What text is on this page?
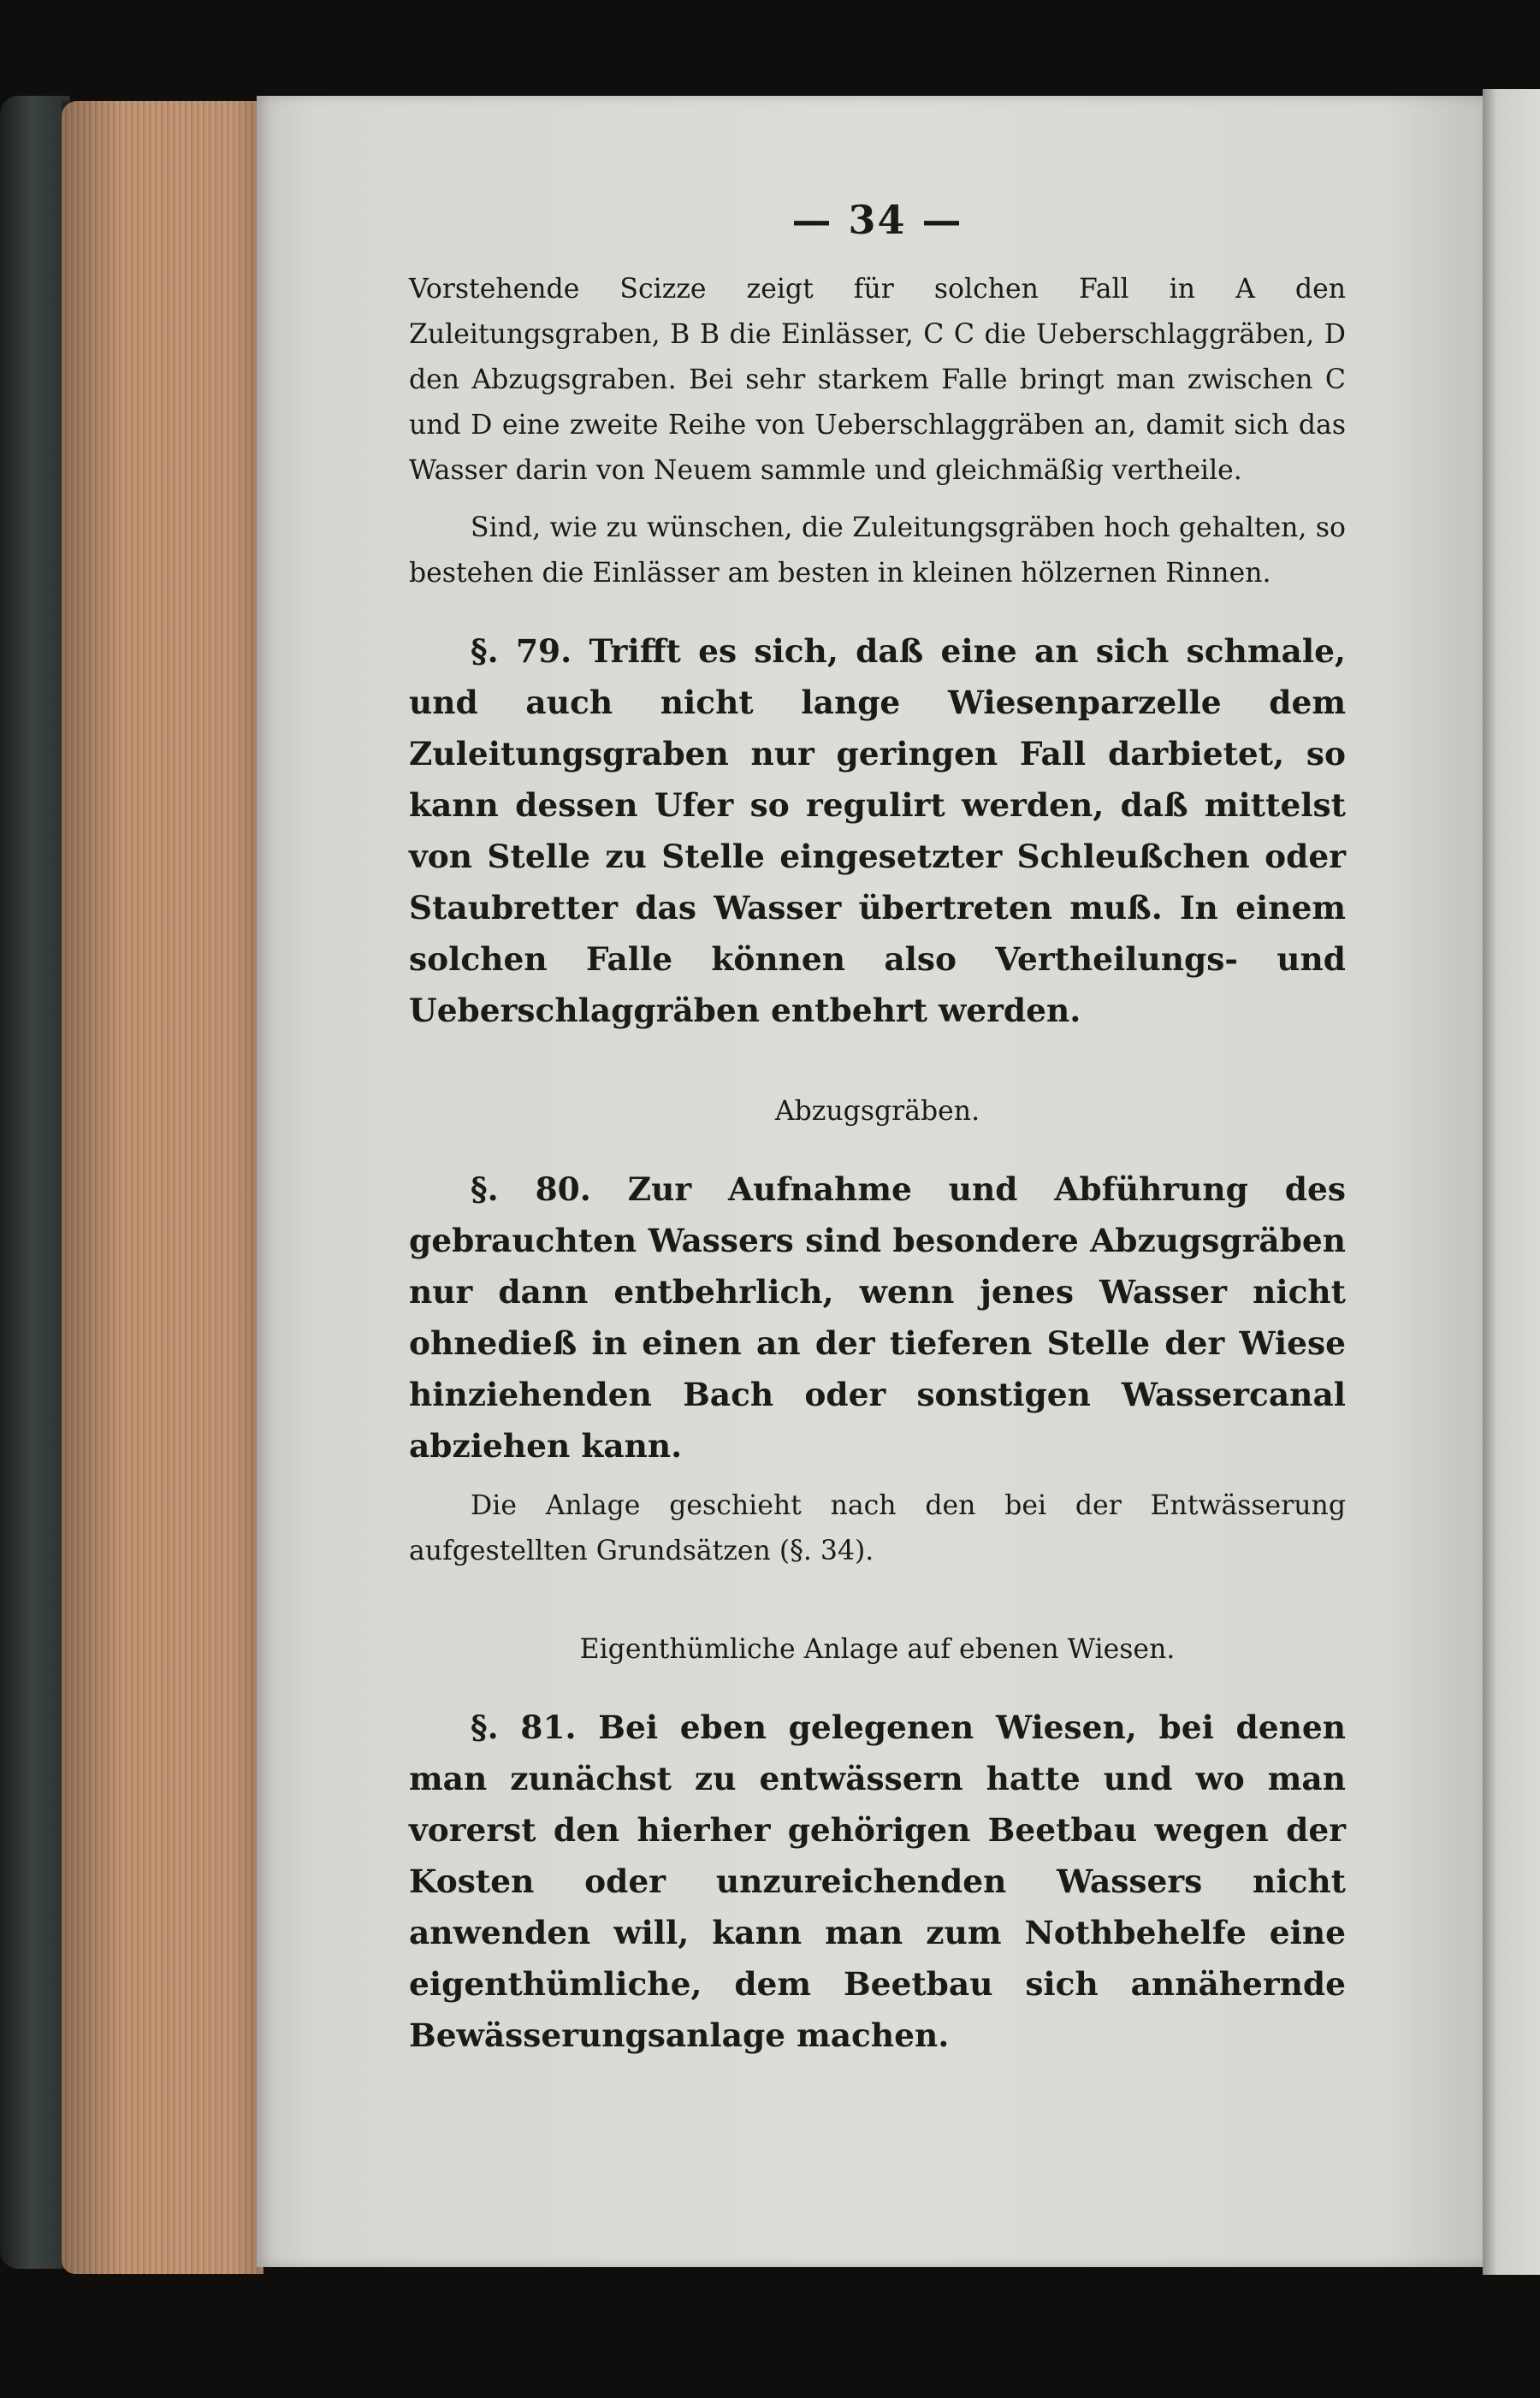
— 34 —

Vorstehende Scizze zeigt für solchen Fall in A den Zuleitungsgraben, B B die Einlässer, C C die Ueberschlaggräben, D den Abzugsgraben. Bei sehr starkem Falle bringt man zwischen C und D eine zweite Reihe von Ueberschlaggräben an, damit sich das Wasser darin von Neuem sammle und gleichmäßig vertheile.

Sind, wie zu wünschen, die Zuleitungsgräben hoch gehalten, so bestehen die Einlässer am besten in kleinen hölzernen Rinnen.

§. 79. Trifft es sich, daß eine an sich schmale, und auch nicht lange Wiesenparzelle dem Zuleitungsgraben nur geringen Fall darbietet, so kann dessen Ufer so regulirt werden, daß mittelst von Stelle zu Stelle eingesetzter Schleußchen oder Staubretter das Wasser übertreten muß. In einem solchen Falle können also Vertheilungs- und Ueberschlaggräben entbehrt werden.

Abzugsgräben.

§. 80. Zur Aufnahme und Abführung des gebrauchten Wassers sind besondere Abzugsgräben nur dann entbehrlich, wenn jenes Wasser nicht ohnedieß in einen an der tieferen Stelle der Wiese hinziehenden Bach oder sonstigen Wassercanal abziehen kann.

Die Anlage geschieht nach den bei der Entwässerung aufgestellten Grundsätzen (§. 34).

Eigenthümliche Anlage auf ebenen Wiesen.

§. 81. Bei eben gelegenen Wiesen, bei denen man zunächst zu entwässern hatte und wo man vorerst den hierher gehörigen Beetbau wegen der Kosten oder unzureichenden Wassers nicht anwenden will, kann man zum Nothbehelfe eine eigenthümliche, dem Beetbau sich annähernde Bewässerungsanlage machen.
